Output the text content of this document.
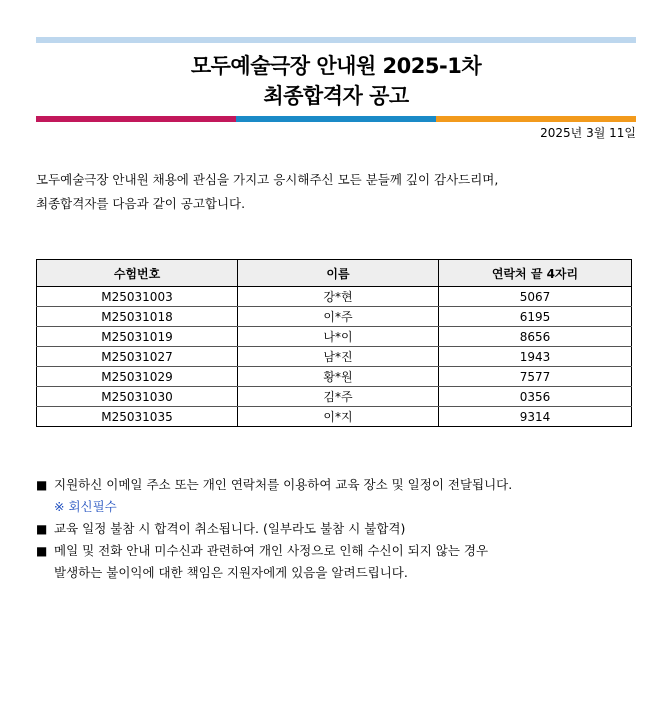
모두예술극장 안내원 2025-1차
최종합격자 공고
2025년 3월 11일
모두예술극장 안내원 채용에 관심을 가지고 응시해주신 모든 분들께 깊이 감사드리며,
최종합격자를 다음과 같이 공고합니다.
수험번호	이름	연락처 끝 4자리
M25031003	강*현	5067
M25031018	이*주	6195
M25031019	나*이	8656
M25031027	남*진	1943
M25031029	황*원	7577
M25031030	김*주	0356
M25031035	이*지	9314
■ 지원하신 이메일 주소 또는 개인 연락처를 이용하여 교육 장소 및 일정이 전달됩니다.
※ 회신필수
■ 교육 일정 불참 시 합격이 취소됩니다. (일부라도 불참 시 불합격)
■ 메일 및 전화 안내 미수신과 관련하여 개인 사정으로 인해 수신이 되지 않는 경우
발생하는 불이익에 대한 책임은 지원자에게 있음을 알려드립니다.
